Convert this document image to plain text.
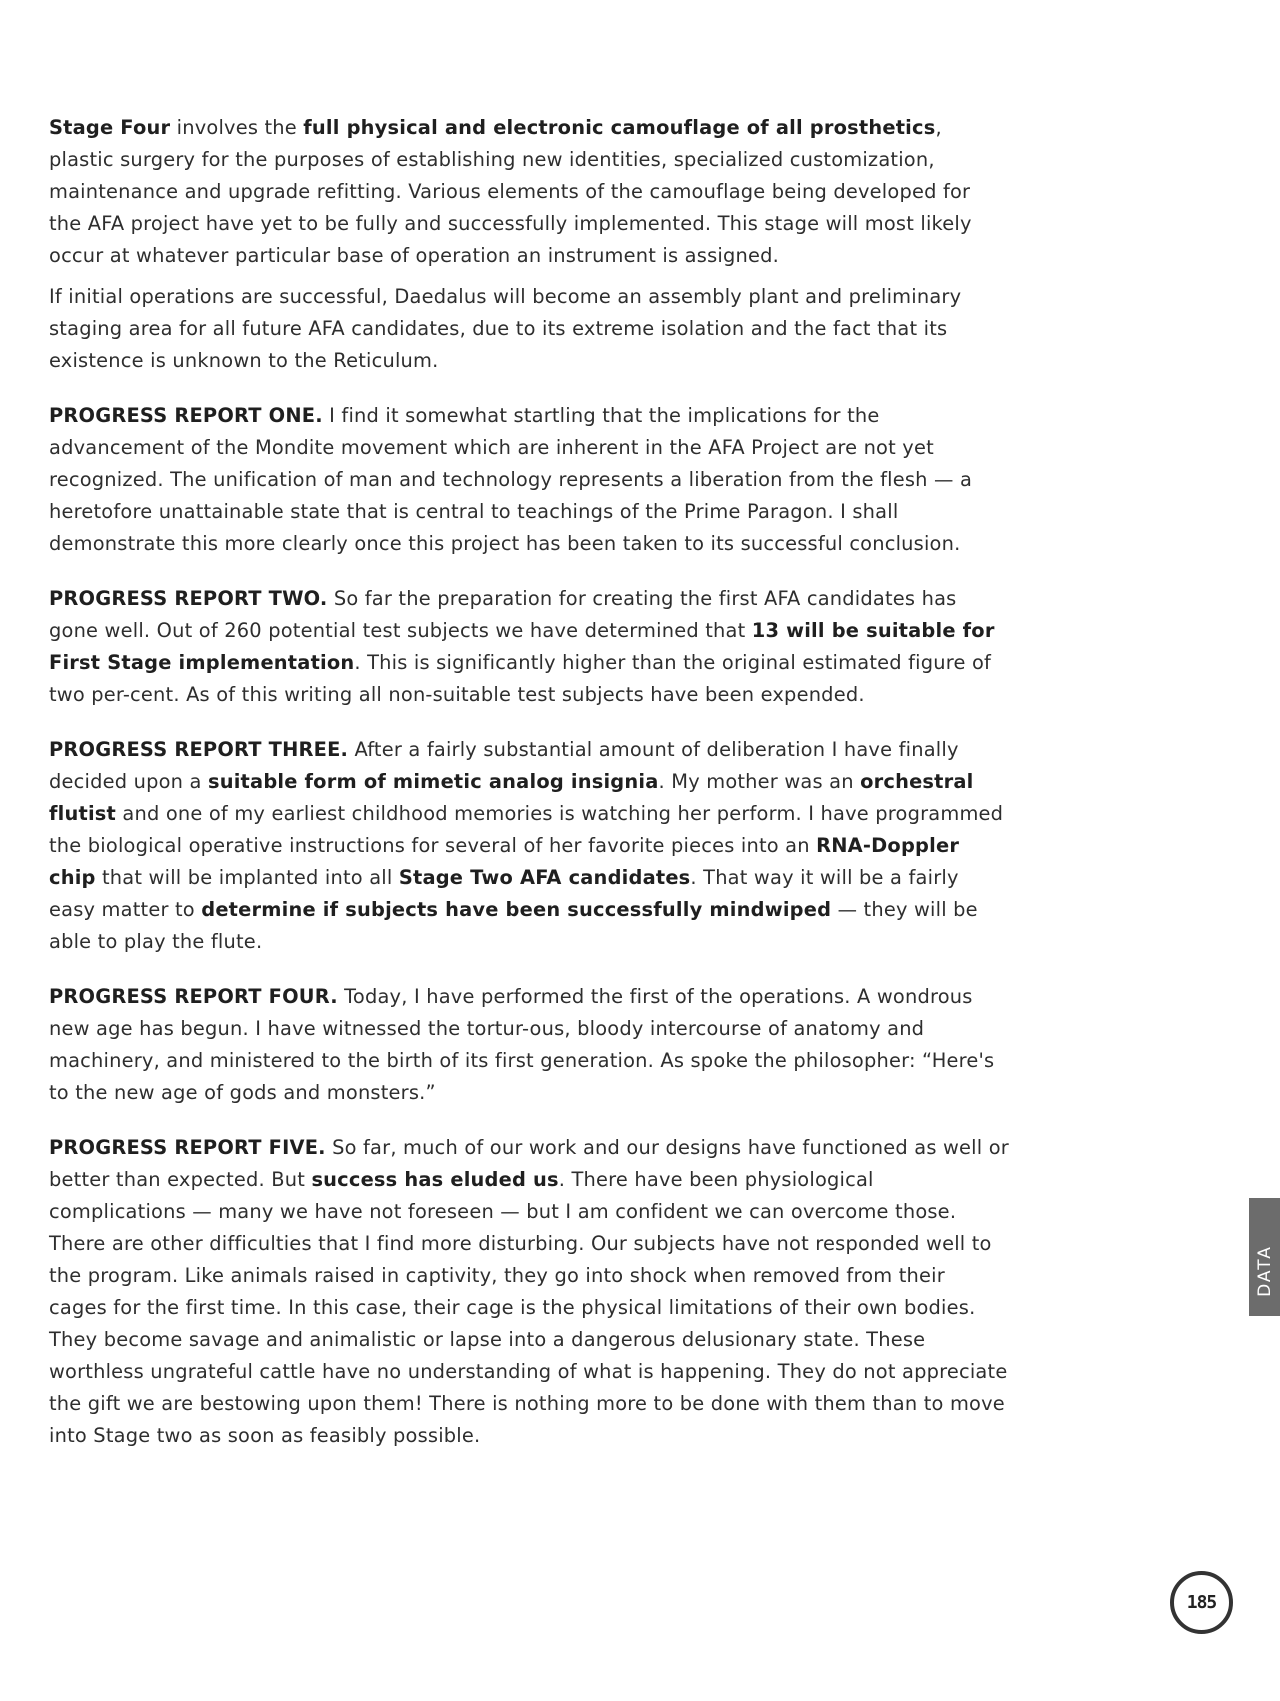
Stage Four involves the full physical and electronic camouflage of all prosthetics, plastic surgery for the purposes of establishing new identities, specialized customization, maintenance and upgrade refitting. Various elements of the camouflage being developed for the AFA project have yet to be fully and successfully implemented. This stage will most likely occur at whatever particular base of operation an instrument is assigned.

If initial operations are successful, Daedalus will become an assembly plant and preliminary staging area for all future AFA candidates, due to its extreme isolation and the fact that its existence is unknown to the Reticulum.

PROGRESS REPORT ONE. I find it somewhat startling that the implications for the advancement of the Mondite movement which are inherent in the AFA Project are not yet recognized. The unification of man and technology represents a liberation from the flesh — a heretofore unattainable state that is central to teachings of the Prime Paragon. I shall demonstrate this more clearly once this project has been taken to its successful conclusion.

PROGRESS REPORT TWO. So far the preparation for creating the first AFA candidates has gone well. Out of 260 potential test subjects we have determined that 13 will be suitable for First Stage implementation. This is significantly higher than the original estimated figure of two per-cent. As of this writing all non-suitable test subjects have been expended.

PROGRESS REPORT THREE. After a fairly substantial amount of deliberation I have finally decided upon a suitable form of mimetic analog insignia. My mother was an orchestral flutist and one of my earliest childhood memories is watching her perform. I have programmed the biological operative instructions for several of her favorite pieces into an RNA-Doppler chip that will be implanted into all Stage Two AFA candidates. That way it will be a fairly easy matter to determine if subjects have been successfully mindwiped — they will be able to play the flute.

PROGRESS REPORT FOUR. Today, I have performed the first of the operations. A wondrous new age has begun. I have witnessed the tortur-ous, bloody intercourse of anatomy and machinery, and ministered to the birth of its first generation. As spoke the philosopher: “Here's to the new age of gods and monsters.”

PROGRESS REPORT FIVE. So far, much of our work and our designs have functioned as well or better than expected. But success has eluded us. There have been physiological complications — many we have not foreseen — but I am confident we can overcome those. There are other difficulties that I find more disturbing. Our subjects have not responded well to the program. Like animals raised in captivity, they go into shock when removed from their cages for the first time. In this case, their cage is the physical limitations of their own bodies. They become savage and animalistic or lapse into a dangerous delusionary state. These worthless ungrateful cattle have no understanding of what is happening. They do not appreciate the gift we are bestowing upon them! There is nothing more to be done with them than to move into Stage two as soon as feasibly possible.

DATA
185
